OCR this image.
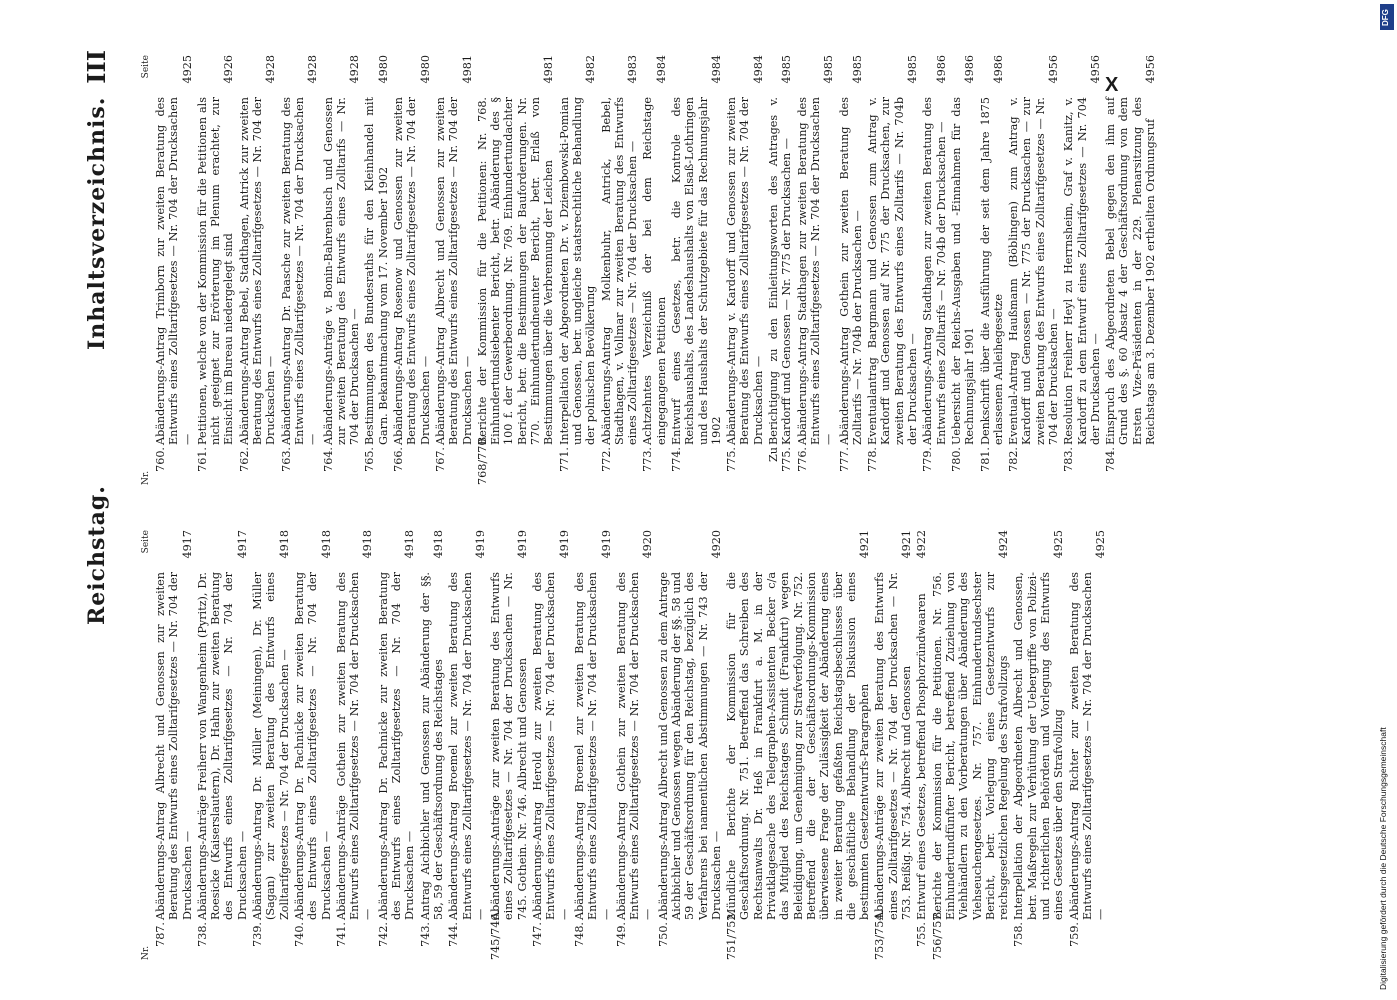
Reichstag.
Inhaltsverzeichnis.
III
Nr.
Seite
787.
Abänderungs-Antrag Albrecht und Genossen zur zweiten Beratung des Entwurfs eines Zolltarifgesetzes — Nr. 704 der Drucksachen —
4917
738.
Abänderungs-Anträge Freiherr von Wangenheim (Pyritz), Dr. Roesicke (Kaiserslautern), Dr. Hahn zur zweiten Beratung des Entwurfs eines Zolltarifgesetzes — Nr. 704 der Drucksachen —
4917
739.
Abänderungs-Antrag Dr. Müller (Meiningen), Dr. Müller (Sagan) zur zweiten Beratung des Entwurfs eines Zolltarifgesetzes — Nr. 704 der Drucksachen —
4918
740.
Abänderungs-Antrag Dr. Pachnicke zur zweiten Beratung des Entwurfs eines Zolltarifgesetzes — Nr. 704 der Drucksachen —
4918
741.
Abänderungs-Anträge Gothein zur zweiten Beratung des Entwurfs eines Zolltarifgesetzes — Nr. 704 der Drucksachen —
4918
742.
Abänderungs-Antrag Dr. Pachnicke zur zweiten Beratung des Entwurfs eines Zolltarifgesetzes — Nr. 704 der Drucksachen —
4918
743.
Antrag Aichbichler und Genossen zur Abänderung der §§. 58, 59 der Geschäftsordnung des Reichstages
4918
744.
Abänderungs-Antrag Broemel zur zweiten Beratung des Entwurfs eines Zolltarifgesetzes — Nr. 704 der Drucksachen —
4919
745/746.
Abänderungs-Anträge zur zweiten Beratung des Entwurfs eines Zolltarifgesetzes — Nr. 704 der Drucksachen — Nr. 745. Gothein. Nr. 746. Albrecht und Genossen
4919
747.
Abänderungs-Antrag Herold zur zweiten Beratung des Entwurfs eines Zolltarifgesetzes — Nr. 704 der Drucksachen —
4919
748.
Abänderungs-Antrag Broemel zur zweiten Beratung des Entwurfs eines Zolltarifgesetzes — Nr. 704 der Drucksachen —
4919
749.
Abänderungs-Antrag Gothein zur zweiten Beratung des Entwurfs eines Zolltarifgesetzes — Nr. 704 der Drucksachen —
4920
750.
Abänderungs-Antrag Albrecht und Genossen zu dem Antrage Aichbichler und Genossen wegen Abänderung der §§. 58 und 59 der Geschäftsordnung für den Reichstag, bezüglich des Verfahrens bei namentlichen Abstimmungen — Nr. 743 der Drucksachen —
4920
751/752.
Mündliche Berichte der Kommission für die Geschäftsordnung. Nr. 751. Betreffend das Schreiben des Rechtsanwalts Dr. Heß in Frankfurt a. M. in der Privatklagesache des Telegraphen-Assistenten Becker c/a das Mitglied des Reichstages Schmidt (Frankfurt) wegen Beleidigung, um Genehmigung zur Strafverfolgung. Nr. 752. Betreffend die der Geschäftsordnungs-Kommission überwiesene Frage der Zulässigkeit der Abänderung eines in zweiter Beratung gefaßten Reichstagsbeschlusses über die geschäftliche Behandlung der Diskussion eines bestimmten Gesetzentwurfs-Paragraphen
4921
753/754.
Abänderungs-Anträge zur zweiten Beratung des Entwurfs eines Zolltarifgesetzes — Nr. 704 der Drucksachen — Nr. 753. Reißig. Nr. 754. Albrecht und Genossen
4921
755.
Entwurf eines Gesetzes, betreffend Phosphorzündwaaren
4922
756/757.
Berichte der Kommission für die Petitionen. Nr. 756. Einhundertundfünfter Bericht, betreffend Zuziehung von Viehhändlern zu den Vorberatungen über Abänderung des Viehseuchengesetzes. Nr. 757. Einhundertundsechster Bericht, betr. Vorlegung eines Gesetzentwurfs zur reichsgesetzlichen Regelung des Strafvollzugs
4924
758.
Interpellation der Abgeordneten Albrecht und Genossen, betr. Maßregeln zur Verhütung der Uebergriffe von Polizei- und richterlichen Behörden und Vorlegung des Entwurfs eines Gesetzes über den Strafvollzug
4925
759.
Abänderungs-Antrag Richter zur zweiten Beratung des Entwurfs eines Zolltarifgesetzes — Nr. 704 der Drucksachen —
4925
Nr.
Seite
760.
Abänderungs-Antrag Trimborn zur zweiten Beratung des Entwurfs eines Zolltarifgesetzes — Nr. 704 der Drucksachen —
4925
761.
Petitionen, welche von der Kommission für die Petitionen als nicht geeignet zur Erörterung im Plenum erachtet, zur Einsicht im Bureau niedergelegt sind
4926
762.
Abänderungs-Antrag Bebel, Stadthagen, Antrick zur zweiten Beratung des Entwurfs eines Zolltarifgesetzes — Nr. 704 der Drucksachen —
4928
763.
Abänderungs-Antrag Dr. Paasche zur zweiten Beratung des Entwurfs eines Zolltarifgesetzes — Nr. 704 der Drucksachen —
4928
764.
Abänderungs-Anträge v. Bonin-Bahrenbusch und Genossen zur zweiten Beratung des Entwurfs eines Zolltarifs — Nr. 704 der Drucksachen —
4928
765.
Bestimmungen des Bundesraths für den Kleinhandel mit Garn. Bekanntmachung vom 17. November 1902
4980
766.
Abänderungs-Antrag Rosenow und Genossen zur zweiten Beratung des Entwurfs eines Zolltarifgesetzes — Nr. 704 der Drucksachen —
4980
767.
Abänderungs-Antrag Albrecht und Genossen zur zweiten Beratung des Entwurfs eines Zolltarifgesetzes — Nr. 704 der Drucksachen —
4981
768/770.
Berichte der Kommission für die Petitionen: Nr. 768. Einhundertundsiebenter Bericht, betr. Abänderung des § 100 f. der Gewerbeordnung. Nr. 769. Einhundertundachter Bericht, betr. die Bestimmungen der Bauforderungen. Nr. 770. Einhundertundneunter Bericht, betr. Erlaß von Bestimmungen über die Verbrennung der Leichen
4981
771.
Interpellation der Abgeordneten Dr. v. Dziembowski-Pomian und Genossen, betr. ungleiche staatsrechtliche Behandlung der polnischen Bevölkerung
4982
772.
Abänderungs-Antrag Molkenbuhr, Antrick, Bebel, Stadthagen, v. Vollmar zur zweiten Beratung des Entwurfs eines Zolltarifgesetzes — Nr. 704 der Drucksachen —
4983
773.
Achtzehntes Verzeichniß der bei dem Reichstage eingegangenen Petitionen
4984
774.
Entwurf eines Gesetzes, betr. die Kontrole des Reichshaushalts, des Landeshaushalts von Elsaß-Lothringen und des Haushalts der Schutzgebiete für das Rechnungsjahr 1902
4984
775.
Abänderungs-Antrag v. Kardorff und Genossen zur zweiten Beratung des Entwurfs eines Zolltarifgesetzes — Nr. 704 der Drucksachen —
4984
Zu 775.
Berichtigung zu den Einleitungsworten des Antrages v. Kardorff und Genossen — Nr. 775 der Drucksachen —
4985
776.
Abänderungs-Antrag Stadthagen zur zweiten Beratung des Entwurfs eines Zolltarifgesetzes — Nr. 704 der Drucksachen —
4985
777.
Abänderungs-Antrag Gothein zur zweiten Beratung des Zolltarifs — Nr. 704b der Drucksachen —
4985
778.
Eventualantrag Bargmann und Genossen zum Antrag v. Kardorff und Genossen auf Nr. 775 der Drucksachen, zur zweiten Beratung des Entwurfs eines Zolltarifs — Nr. 704b der Drucksachen —
4985
779.
Abänderungs-Antrag Stadthagen zur zweiten Beratung des Entwurfs eines Zolltarifs — Nr. 704b der Drucksachen —
4986
780.
Uebersicht der Reichs-Ausgaben und -Einnahmen für das Rechnungsjahr 1901
4986
781.
Denkschrift über die Ausführung der seit dem Jahre 1875 erlassenen Anleihegesetze
4986
782.
Eventual-Antrag Haußmann (Böblingen) zum Antrag v. Kardorff und Genossen — Nr. 775 der Drucksachen — zur zweiten Beratung des Entwurfs eines Zolltarifgesetzes — Nr. 704 der Drucksachen —
4956
783.
Resolution Freiherr Heyl zu Herrnsheim, Graf v. Kanitz, v. Kardorff zu dem Entwurf eines Zolltarifgesetzes — Nr. 704 der Drucksachen —
4956
784.
Einspruch des Abgeordneten Bebel gegen den ihm auf Grund des §. 60 Absatz 4 der Geschäftsordnung von dem Ersten Vize-Präsidenten in der 229. Plenarsitzung des Reichstags am 3. Dezember 1902 ertheilten Ordnungsruf
4956
X
DFG
Digitalisierung gefördert durch die Deutsche Forschungsgemeinschaft
